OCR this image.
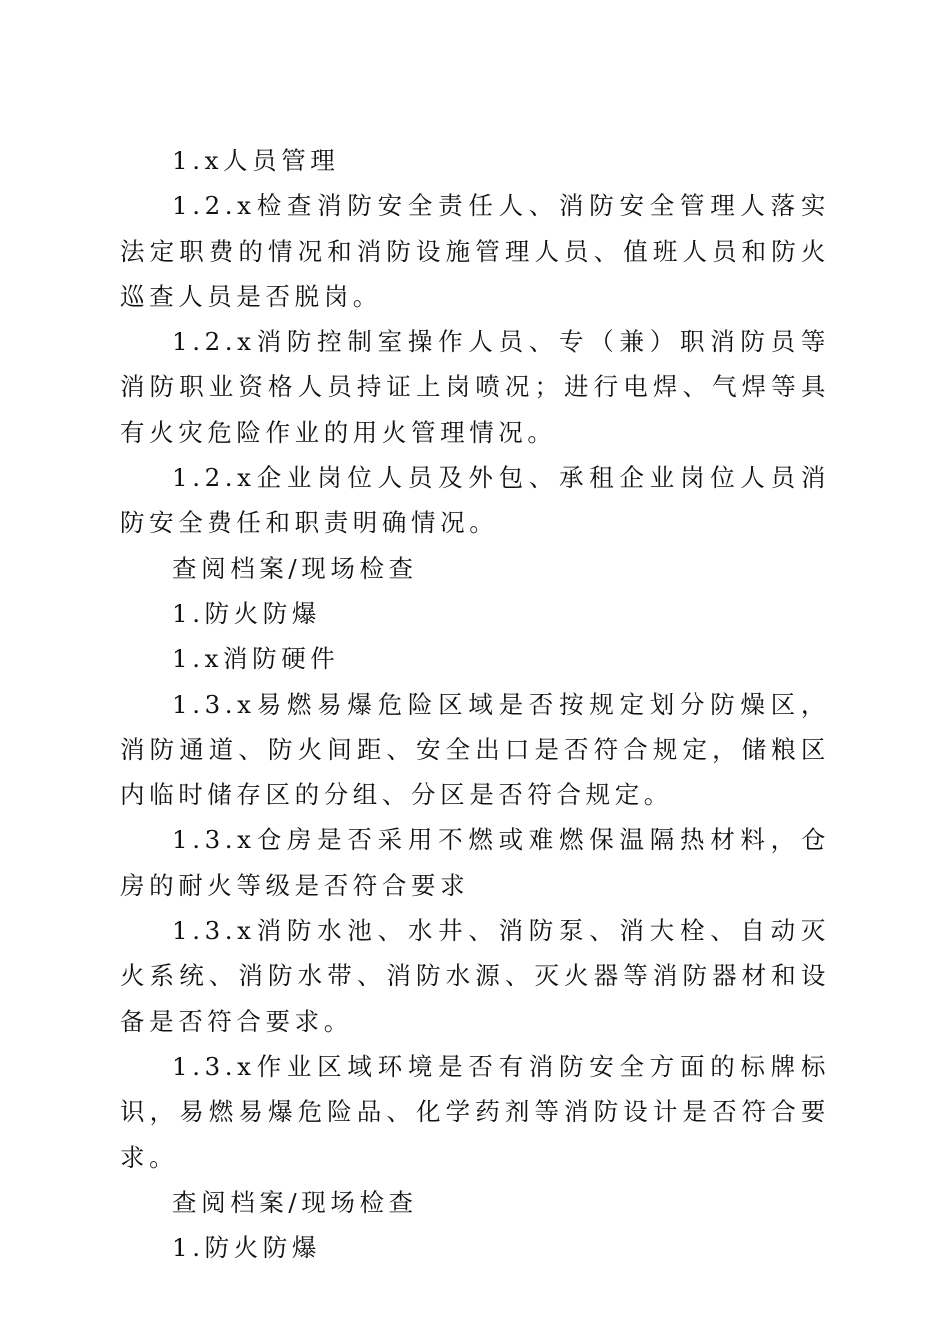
1.x人员管理

1.2.x检查消防安全责任人、消防安全管理人落实法定职费的情况和消防设施管理人员、值班人员和防火巡查人员是否脱岗。

1.2.x消防控制室操作人员、专（兼）职消防员等消防职业资格人员持证上岗喷况；进行电焊、气焊等具有火灾危险作业的用火管理情况。

1.2.x企业岗位人员及外包、承租企业岗位人员消防安全费任和职责明确情况。

查阅档案/现场检查

1.防火防爆

1.x消防硬件

1.3.x易燃易爆危险区域是否按规定划分防燥区，消防通道、防火间距、安全出口是否符合规定，储粮区内临时储存区的分组、分区是否符合规定。

1.3.x仓房是否采用不燃或难燃保温隔热材料，仓房的耐火等级是否符合要求

1.3.x消防水池、水井、消防泵、消大栓、自动灭火系统、消防水带、消防水源、灭火器等消防器材和设备是否符合要求。

1.3.x作业区域环境是否有消防安全方面的标牌标识，易燃易爆危险品、化学药剂等消防设计是否符合要求。

查阅档案/现场检查

1.防火防爆
